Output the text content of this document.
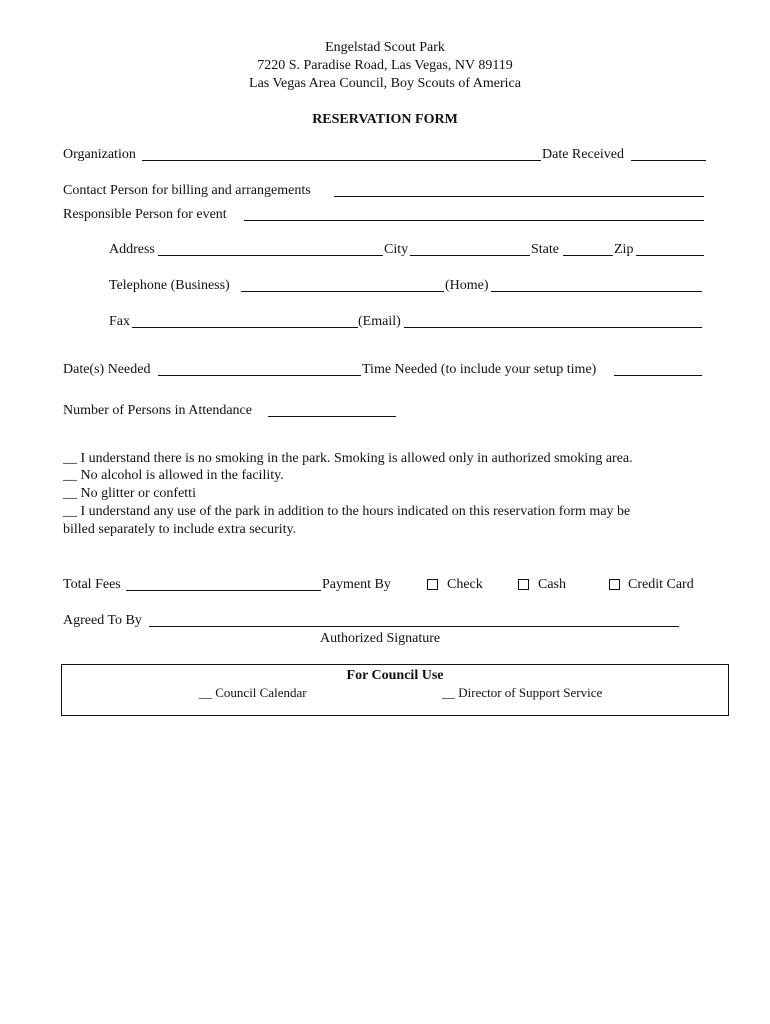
Engelstad Scout Park
7220 S. Paradise Road, Las Vegas, NV 89119
Las Vegas Area Council, Boy Scouts of America
RESERVATION FORM
Organization	Date Received
Contact Person for billing and arrangements
Responsible Person for event
Address	City	State	Zip
Telephone (Business)	(Home)
Fax	(Email)
Date(s) Needed	Time Needed (to include your setup time)
Number of Persons in Attendance
__ I understand there is no smoking in the park. Smoking is allowed only in authorized smoking area.
__ No alcohol is allowed in the facility.
__ No glitter or confetti
__ I understand any use of the park in addition to the hours indicated on this reservation form may be
billed separately to include extra security.
Total Fees	Payment By	Check	Cash	Credit Card
Agreed To By
Authorized Signature
For Council Use
__ Council Calendar	__ Director of Support Service
